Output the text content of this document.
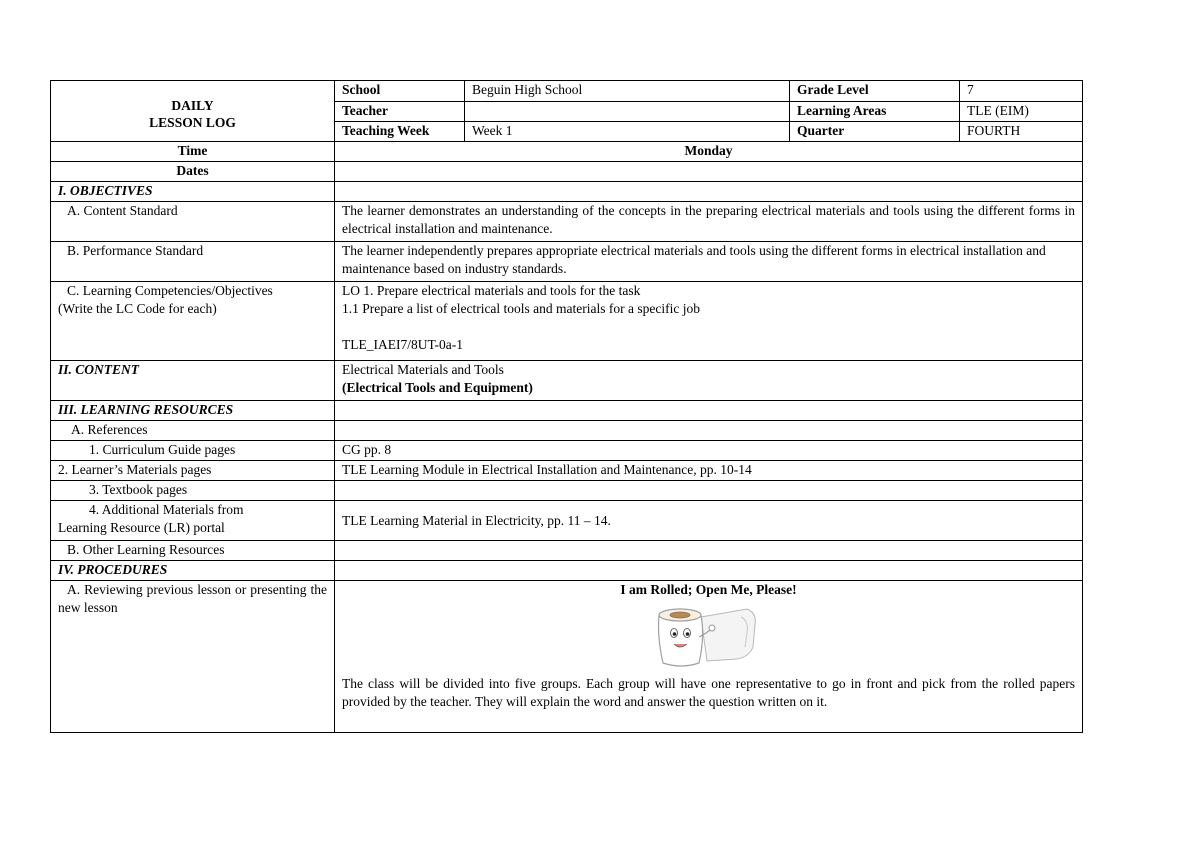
DAILY
LESSON LOG	School	Beguin High School	Grade Level	7
	Teacher		Learning Areas	TLE (EIM)
	Teaching Week	Week 1	Quarter	FOURTH
Time	Monday			
Dates				
I. OBJECTIVES				
A. Content Standard	The learner demonstrates an understanding of the concepts in the preparing electrical materials and tools using the different forms in electrical installation and maintenance.			
B. Performance Standard	The learner independently prepares appropriate electrical materials and tools using the different forms in electrical installation and maintenance based on industry standards.			

C. Learning Competencies/Objectives
(Write the LC Code for each)	LO 1. Prepare electrical materials and tools for the task
1.1 Prepare a list of electrical tools and materials for a specific job
TLE_IAEI7/8UT-0a-1			

II. CONTENT	Electrical Materials and Tools
(Electrical Tools and Equipment)			

III. LEARNING RESOURCES				
A. References				
1. Curriculum Guide pages	CG pp. 8			
2. Learner’s Materials pages	TLE Learning Module in Electrical Installation and Maintenance, pp. 10-14			
3. Textbook pages				

4. Additional Materials from
Learning Resource (LR) portal	TLE Learning Material in Electricity, pp. 11 – 14.			
B. Other Learning Resources				
IV. PROCEDURES				
A. Reviewing previous lesson or presenting the new lesson	I am Rolled; Open Me, Please!
The class will be divided into five groups. Each group will have one representative to go in front and pick from the rolled papers provided by the teacher. They will explain the word and answer the question written on it.			
